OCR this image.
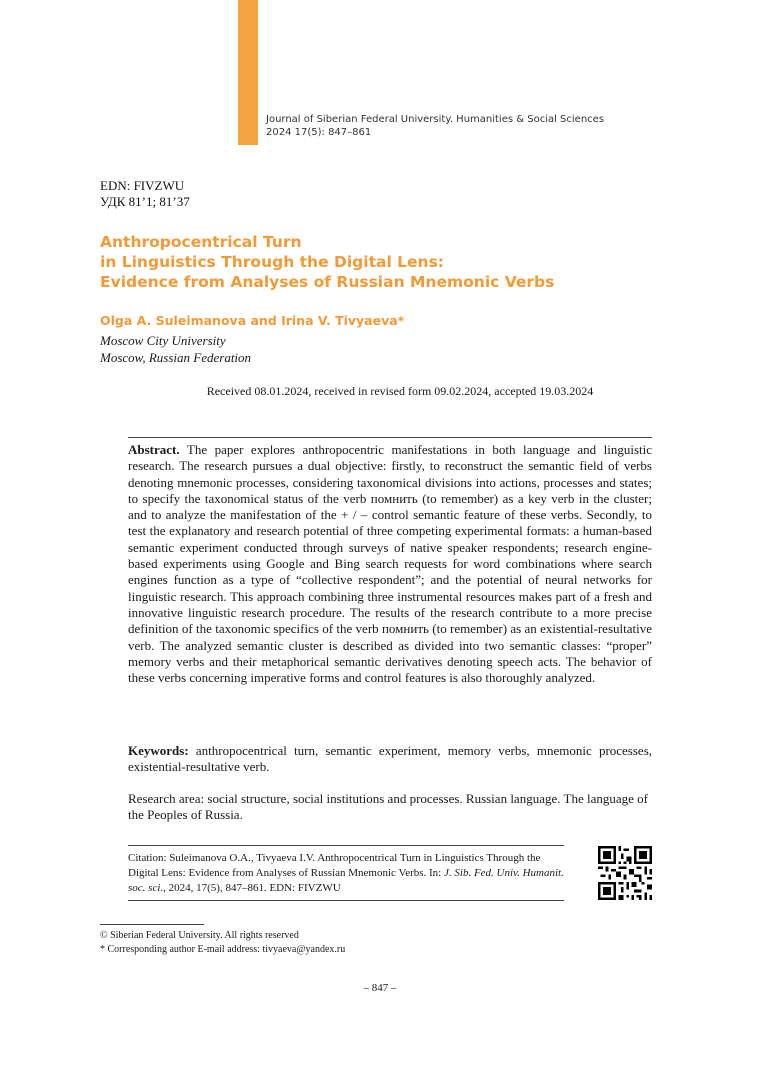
Journal of Siberian Federal University. Humanities & Social Sciences
2024 17(5): 847–861
EDN: FIVZWU
УДК 81’1; 81’37
Anthropocentrical Turn
in Linguistics Through the Digital Lens:
Evidence from Analyses of Russian Mnemonic Verbs
Olga A. Suleimanova and Irina V. Tivyaeva*
Moscow City University
Moscow, Russian Federation
Received 08.01.2024, received in revised form 09.02.2024, accepted 19.03.2024
Abstract. The paper explores anthropocentric manifestations in both language and linguistic research. The research pursues a dual objective: firstly, to reconstruct the semantic field of verbs denoting mnemonic processes, considering taxonomical divisions into actions, processes and states; to specify the taxonomical status of the verb помнить (to remember) as a key verb in the cluster; and to analyze the manifestation of the + / – control semantic feature of these verbs. Secondly, to test the explanatory and research potential of three competing experimental formats: a human-based semantic experiment conducted through surveys of native speaker respondents; research engine-based experiments using Google and Bing search requests for word combinations where search engines function as a type of “collective respondent”; and the potential of neural networks for linguistic research. This approach combining three instrumental resources makes part of a fresh and innovative linguistic research procedure. The results of the research contribute to a more precise definition of the taxonomic specifics of the verb помнить (to remember) as an existential-resultative verb. The analyzed semantic cluster is described as divided into two semantic classes: “proper” memory verbs and their metaphorical semantic derivatives denoting speech acts. The behavior of these verbs concerning imperative forms and control features is also thoroughly analyzed.
Keywords: anthropocentrical turn, semantic experiment, memory verbs, mnemonic processes, existential-resultative verb.
Research area: social structure, social institutions and processes. Russian language. The language of the Peoples of Russia.
Citation: Suleimanova O.A., Tivyaeva I.V. Anthropocentrical Turn in Linguistics Through the Digital Lens: Evidence from Analyses of Russian Mnemonic Verbs. In: J. Sib. Fed. Univ. Humanit. soc. sci., 2024, 17(5), 847–861. EDN: FIVZWU
© Siberian Federal University. All rights reserved
* Corresponding author E-mail address: tivyaeva@yandex.ru
– 847 –
